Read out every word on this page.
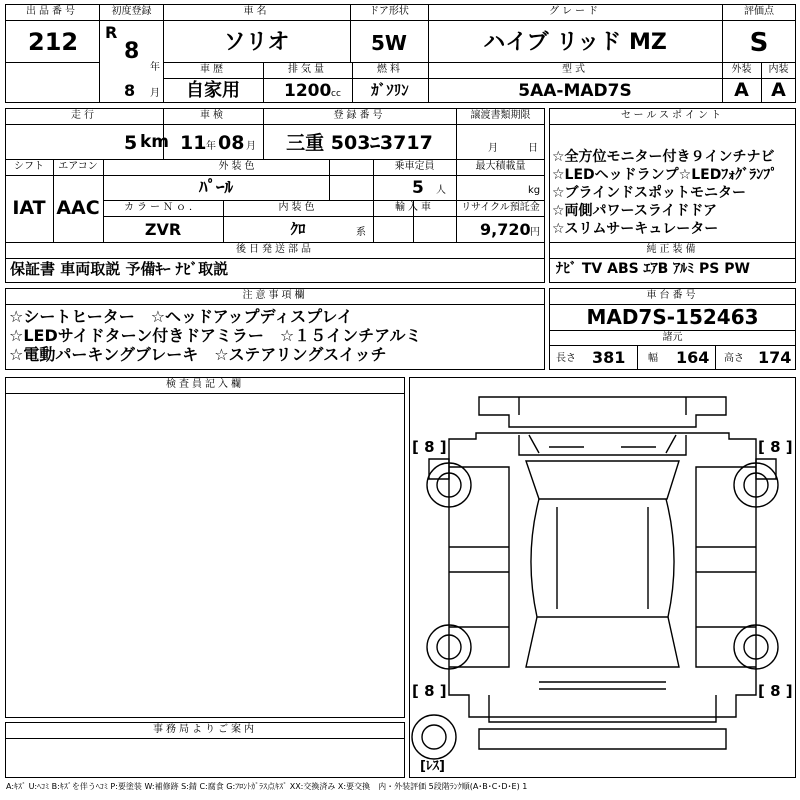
出品番号
212
初度登録
R
8
年
8 月
車名
ソリオ
ドア形状
5W
グレード
ハイブ リッド MZ
評価点
S
車歴
自家用
排気量
1200 cc
燃料
ｶﾞｿﾘﾝ
型式
5AA-MAD7S
外装	内装
A	A
走行
5 km
車検
11 年 08 月
登録番号
三重 503ﾆ3717
譲渡書類期限
月	日
シフト
IAT
エアコン
AAC
外装色
ﾊﾟｰﾙ
乗車定員
5 人
最大積載量
kg
カラーＮｏ．
ZVR
内装色
ｸﾛ	系
輸入車	リサイクル預託金
9,720 円
後日発送部品
保証書 車両取説 予備ｷｰ ﾅﾋﾞ取説
セールスポイント
☆全方位モニター付き９インチナビ
☆LEDヘッドランプ☆LEDﾌｫｸﾞﾗﾝﾌﾟ
☆ブラインドスポットモニター
☆両側パワースライドドア
☆スリムサーキュレーター
純正装備
ﾅﾋﾞ TV ABS ｴｱB ｱﾙﾐ PS PW
注意事項欄
☆シートヒーター　☆ヘッドアップディスプレイ
☆LEDサイドターン付きドアミラー　☆１５インチアルミ
☆電動パーキングブレーキ　☆ステアリングスイッチ
車台番号
MAD7S-152463
諸元
長さ 381 幅 164 高さ 174
検査員記入欄
事務局よりご案内
[ 8 ]	[ 8 ]
[ 8 ]	[ 8 ]
[ﾚｽ]
A:ｷｽﾞ U:ﾍｺﾐ B:ｷｽﾞを伴うﾍｺﾐ P:要塗装 W:補修跡 S:錆 C:腐食 G:ﾌﾛﾝﾄｶﾞﾗｽ点ｷｽﾞ XX:交換済み X:要交換　内・外装評価 5段階ﾗﾝｸ順(A･B･C･D･E) 1
